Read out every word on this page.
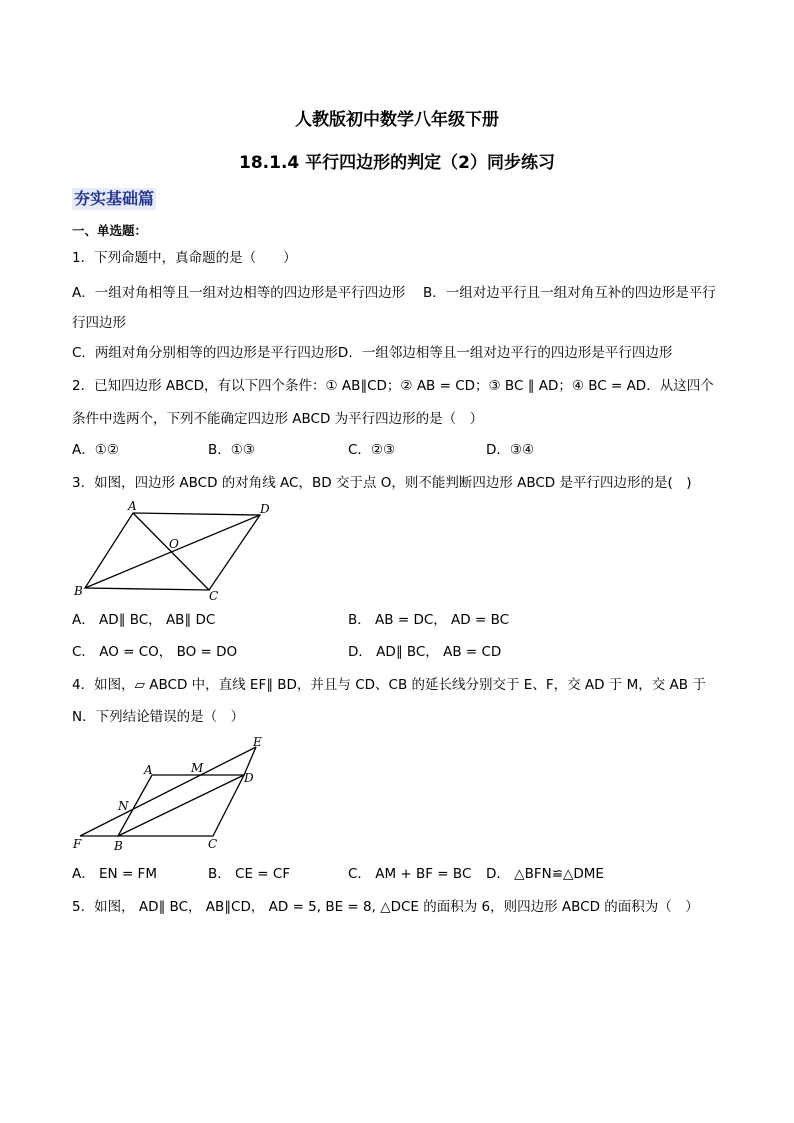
人教版初中数学八年级下册
18.1.4 平行四边形的判定（2）同步练习
夯实基础篇
一、单选题：
1．下列命题中，真命题的是（　　）
A．一组对角相等且一组对边相等的四边形是平行四边形　 B．一组对边平行且一组对角互补的四边形是平行
行四边形
C．两组对角分别相等的四边形是平行四边形D．一组邻边相等且一组对边平行的四边形是平行四边形
2．已知四边形 ABCD，有以下四个条件：① AB∥CD；② AB = CD；③ BC ∥ AD；④ BC = AD．从这四个
条件中选两个，下列不能确定四边形 ABCD 为平行四边形的是（　）
A．①②	B．①③	C．②③	D．③④
3．如图，四边形 ABCD 的对角线 AC，BD 交于点 O，则不能判断四边形 ABCD 是平行四边形的是(　)
A	D
O
B	C
A． AD∥ BC， AB∥ DC	B． AB = DC， AD = BC
C． AO = CO， BO = DO	D． AD∥ BC， AB = CD
4．如图，▱ ABCD 中，直线 EF∥ BD，并且与 CD、CB 的延长线分别交于 E、F，交 AD 于 M，交 AB 于
N．下列结论错误的是（　）
A	M
D
E
N
F	B	C
A． EN = FM	B． CE = CF	C． AM + BF = BC D． △BFN≌△DME
5．如图， AD∥ BC， AB∥CD， AD = 5, BE = 8, △DCE 的面积为 6，则四边形 ABCD 的面积为（　）
